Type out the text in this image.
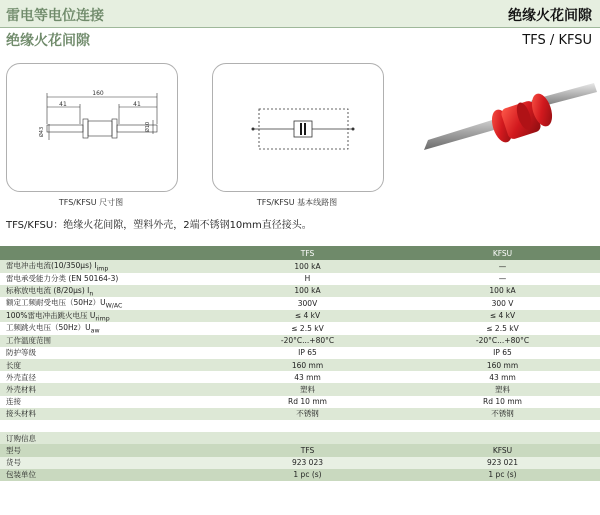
雷电等电位连接	绝缘火花间隙
绝缘火花间隙	TFS / KFSU
160
41	41
Ø43	Ø10
TFS/KFSU 尺寸图	TFS/KFSU 基本线路图
TFS/KFSU：绝缘火花间隙，塑料外壳，2端不锈钢10mm直径接头。
	TFS	KFSU
雷电冲击电流(10/350μs) $I_{imp}$	100 kA	—
雷电承受能力分类 (EN 50164-3)	H	—
标称放电电流 (8/20μs) $I_n$	100 kA	100 kA
额定工频耐受电压$(50Hz)U_{W/AC}$	300V	300 V
100%雷电冲击跳火电压 $U_{rimp}$	≤ 4 kV	≤ 4 kV
工频跳火电压$(50Hz)U_{aw}$	≤ 2.5 kV	≤ 2.5 kV
工作温度范围	-20°C...+80°C	-20°C...+80°C
防护等级	IP 65	IP 65
长度	160 mm	160 mm
外壳直径	43 mm	43 mm
外壳材料	塑料	塑料
连接	Rd 10 mm	Rd 10 mm
接头材料	不锈钢	不锈钢

订购信息		
型号	TFS	KFSU
货号	923 023	923 021
包装单位	1 pc (s)	1 pc (s)
